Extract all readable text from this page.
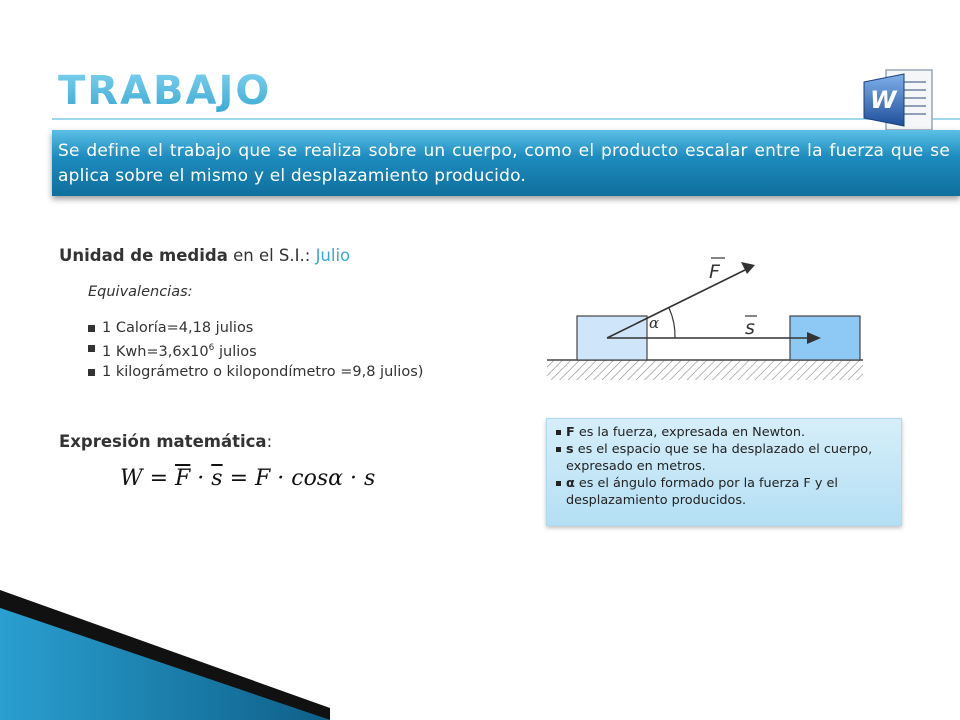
TRABAJO	W
Se define el trabajo que se realiza sobre un cuerpo, como el producto escalar entre la fuerza que se aplica sobre el mismo y el desplazamiento producido.
Unidad de medida en el S.I.: Julio
Equivalencias:
1 Caloría=4,18 julios
1 $Kwh=3,6x10^6$ julios
1 kilográmetro o kilopondímetro =9,8 julios)
Expresión matemática:
$W = \overline{F} \cdot \overline{s} = F \cdot \cos\alpha \cdot s$
α
F
s
F es la fuerza, expresada en Newton.
s es el espacio que se ha desplazado el cuerpo, expresado en metros.
α es el ángulo formado por la fuerza F y el desplazamiento producidos.
